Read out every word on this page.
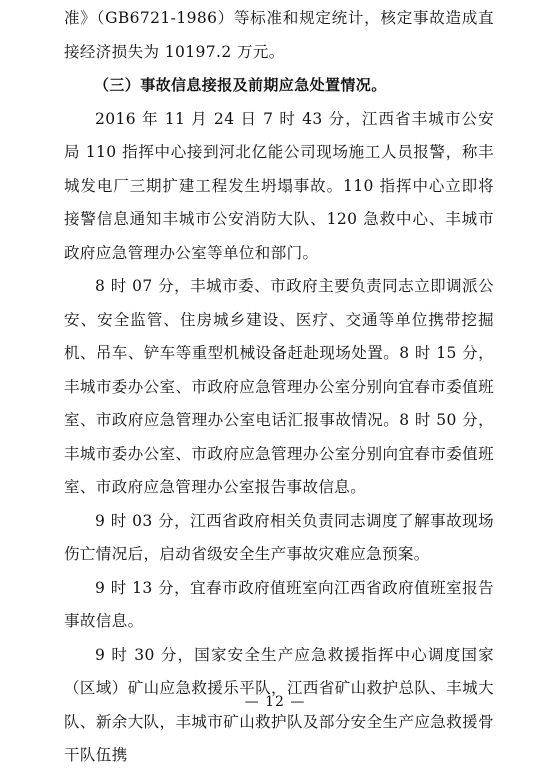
准》（GB6721-1986）等标准和规定统计，核定事故造成直接经济损失为 10197.2 万元。

（三）事故信息接报及前期应急处置情况。

2016 年 11 月 24 日 7 时 43 分，江西省丰城市公安局 110 指挥中心接到河北亿能公司现场施工人员报警，称丰城发电厂三期扩建工程发生坍塌事故。110 指挥中心立即将接警信息通知丰城市公安消防大队、120 急救中心、丰城市政府应急管理办公室等单位和部门。

8 时 07 分，丰城市委、市政府主要负责同志立即调派公安、安全监管、住房城乡建设、医疗、交通等单位携带挖掘机、吊车、铲车等重型机械设备赶赴现场处置。8 时 15 分，丰城市委办公室、市政府应急管理办公室分别向宜春市委值班室、市政府应急管理办公室电话汇报事故情况。8 时 50 分，丰城市委办公室、市政府应急管理办公室分别向宜春市委值班室、市政府应急管理办公室报告事故信息。

9 时 03 分，江西省政府相关负责同志调度了解事故现场伤亡情况后，启动省级安全生产事故灾难应急预案。

9 时 13 分，宜春市政府值班室向江西省政府值班室报告事故信息。

9 时 30 分，国家安全生产应急救援指挥中心调度国家（区域）矿山应急救援乐平队，江西省矿山救护总队、丰城大队、新余大队，丰城市矿山救护队及部分安全生产应急救援骨干队伍携

— 12 —
